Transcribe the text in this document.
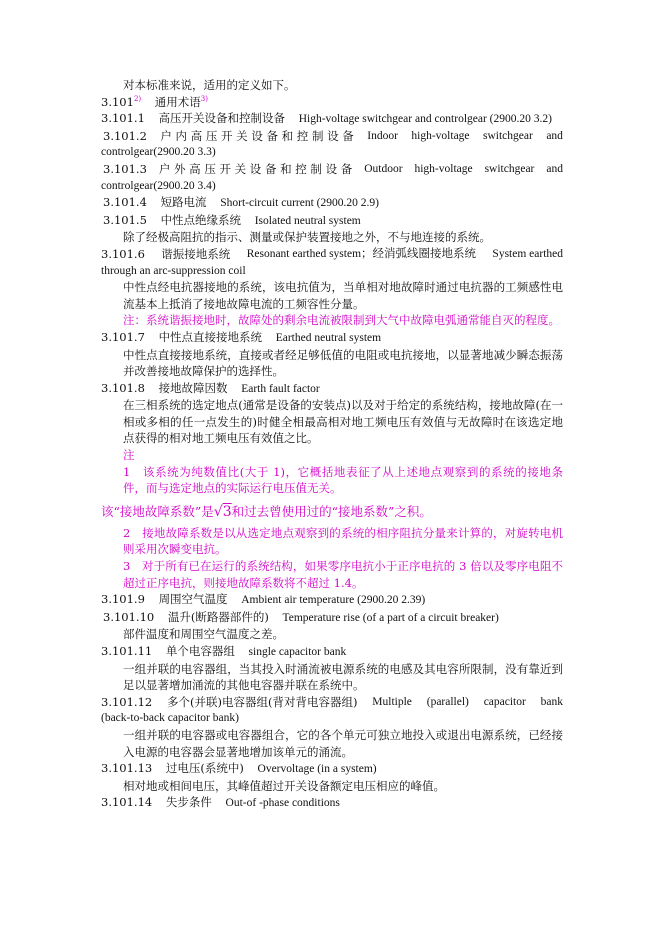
对本标准来说，适用的定义如下。
3.101$^{2)}$ 通用术语$^{3)}$
3.101.1 高压开关设备和控制设备 High-voltage switchgear and controlgear (2900.20 3.2)
3.101.2 户 内 高 压 开 关 设 备 和 控 制 设 备 Indoor high-voltage switchgear and
controlgear(2900.20 3.3)
3.101.3 户 外 高 压 开 关 设 备 和 控 制 设 备 Outdoor high-voltage switchgear and
controlgear(2900.20 3.4)
3.101.4 短路电流 Short-circuit current (2900.20 2.9)
3.101.5 中性点绝缘系统 Isolated neutral system
除了经极高阻抗的指示、测量或保护装置接地之外，不与地连接的系统。
3.101.6 谐振接地系统 Resonant earthed system；经消弧线圈接地系统 System earthed
through an arc-suppression coil
中性点经电抗器接地的系统，该电抗值为，当单相对地故障时通过电抗器的工频感性电流基本上抵消了接地故障电流的工频容性分量。
注：系统谐振接地时，故障处的剩余电流被限制到大气中故障电弧通常能自灭的程度。
3.101.7 中性点直接接地系统 Earthed neutral system
中性点直接接地系统，直接或者经足够低值的电阻或电抗接地，以显著地减少瞬态振荡并改善接地故障保护的选择性。
3.101.8 接地故障因数 Earth fault factor
在三相系统的选定地点(通常是设备的安装点)以及对于给定的系统结构，接地故障(在一相或多相的任一点发生的)时健全相最高相对地工频电压有效值与无故障时在该选定地点获得的相对地工频电压有效值之比。
注
1　该系统为纯数值比(大于 1)，它概括地表征了从上述地点观察到的系统的接地条件，而与选定地点的实际运行电压值无关。
该“接地故障系数”是√3和过去曾使用过的“接地系数”之积。
2　接地故障系数是以从选定地点观察到的系统的相序阻抗分量来计算的，对旋转电机则采用次瞬变电抗。
3　对于所有已在运行的系统结构，如果零序电抗小于正序电抗的 3 倍以及零序电阻不超过正序电抗，则接地故障系数将不超过 1.4。
3.101.9 周围空气温度 Ambient air temperature (2900.20 2.39)
3.101.10 温升(断路器部件的) Temperature rise (of a part of a circuit breaker)
部件温度和周围空气温度之差。
3.101.11 单个电容器组 single capacitor bank
一组并联的电容器组，当其投入时涌流被电源系统的电感及其电容所限制，没有靠近到足以显著增加涌流的其他电容器并联在系统中。
3.101.12 多个(并联)电容器组(背对背电容器组) Multiple (parallel) capacitor bank
(back-to-back capacitor bank)
一组并联的电容器或电容器组合，它的各个单元可独立地投入或退出电源系统，已经接入电源的电容器会显著地增加该单元的涌流。
3.101.13 过电压(系统中) Overvoltage (in a system)
相对地或相间电压，其峰值超过开关设备额定电压相应的峰值。
3.101.14 失步条件 Out-of -phase conditions
